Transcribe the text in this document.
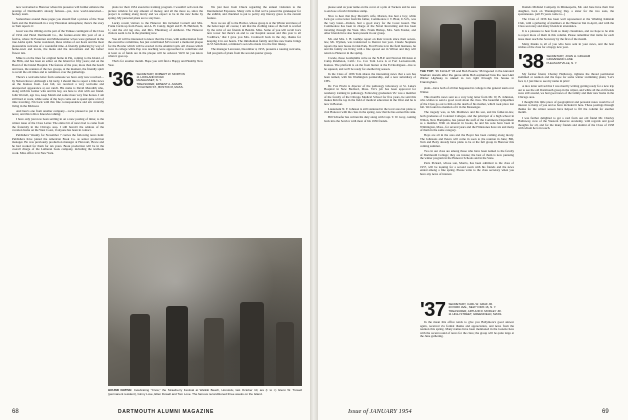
now welcomed to Hanover where his presence will further enhance the prestige of Dartmouth's already famous—yes, now world-renowned—hockey team.

Somewhere around these pages you should find a picture of the Trout farm and the Dartmouth in a very Hawaiian atmosphere; there's the story as Tom reports it:

Great was the ribbing on the part of the Yankee contingent of the Class of 1934 and Hotel Dartmouth Co., the feature-event this year of an a festive, where 34 Easterner and Midwesterner wives were gathered in the true Aloha spirit. Some wondered, these wishes of our hosts and the most pleasurable welcome of a wonderful time. A friendly gathering by way of home-town and locale, the menu and the decorations and the ladies' flower leis.

Mike is on the lines for original home in Pin, coming to the Island, of the Hills, and has been an editor on the Island for fifty years; and on the Board of the Island Hospital. The feature of the year, more than the beach and trees, the reunion of the two groups, at the moment, the friendly spirit to recall the old times and to reminisce over the gatherings.

There's a welcome letter from someone we have only now received—by Nelson Rowe: Although a bit tardy, I should like to report a little news on the Kansas front. Last fall, we received a very welcome and unexpected appearance at our ranch. His name is David Meredith who, along with his former wife and his boy, are here to visit with our friend. John Worrell, age two, keep Marsh and some more very fine horses. I am still hard at work, while some of the boys come out to spend quite a bit of time traveling. I'm back with this fine correspondence and am currently living in the Midwest.

And here's one from another company—we're pleased to put it in the news; and this is Rice Knowles talking:

I have only just now been settling in on a new posting of mine; to the winter issue of the Class Letter. The entire bit of news had to come from the fraternity in the Chicago area. I still haven't the address of the vacation home on the West Coast, if anyone has been in contact.

Publishers' Weekly for November 7 carries the following news item: Publishers have joined the American Book Co. as senior production manager. He was previously production manager at Harcourt, Brace and he had worked for them for ten years. Book production will be in the overall charge of the Lutheran book company, including the textbook work. Miss office is in New York.

plans for their 1954 executive training program. I wouldn't sell even the picture window for any amount of money, and all the more so, since the project is coming along nicely and we expect to be in the new home by spring. My personal plans are to stay here.

Lucky recent visitors to the Hanover Inn included Cornell and Mrs. Frank Curtis up from Essex, and A. H. Cundy, Ingall and E. H. Hubbard, N. J.; and the old tug also, and Mrs. Ehrenberg of Amherst. The Hanover visitors seem to be in the planning now.

You all will be interested to know that the Class, with authorization from the executive committee, has just contributed $25 toward a memorial plaque for the Bowler which will be erected in the Alumni Gym. All classes which were in college while Pop was teaching were approached to contribute and at least as of funds are in the plaque will be ordered. We'll let you know when it goes up.

That's for another month. Hope you will find a Happy and Healthy New Year.

'36 SECRETARY, ROBERT W. MORTON
11 LOWLAND ROAD
MANHASSET, N. Y.
TREASURER, ERNEST A. ADAMS
72 FAYARD ST., BOSTON 8, MASS.

We just hear from Chuck regarding the annual visitation to the International Exposure. Many calls to find we've passed the gatekeeper for the exhibit, and chuckled to put to policy any literary grace to the current feature.

Now we are off to the Harbor, whose group is at the Winter and more of the better kept off course; I am that the clothing ideas of the bell is scarfed by the wrist of our friends in Bendix. Miss. Some of you will recall Joe's new tower but there's an end to our hospital season and this year is all 'Cadillacs,' that I gave you Mrs. Cromwell back in the day, thanks for keeping it in our hearts. The Oklahoman family and fine new home brings in 53 Sam Rand, a minister's son who made it to the first lineup.

The manager Lancaster, December 4, 1953, presents a rousing welcome, full program of plans from the second quarter group.

HOUND NATIVE: Celebrating "Crew," the Strawberry Festival at Waikiki Beach, Honolulu, last October 10, are (l. to r.) Glenn W. Trowell (permanent resident), Ginny Love, Ellen Dowell and Tom Love. The famous reconditioned three weeks on the Island.
68	DARTMOUTH ALUMNI MAGAZINE

please send us your name on the cover of a pile of Tuckers and be sure to enclose a fresh Christmas stamp.

Nice to hear that Roy Merrall's wife, Marion, has had a boy; while Jack got a nice letter from his father, Commodore J. T. Blair, U.S.N., was the very latest—Dalton, had a good story for the Coast Guard. The Commodore has been in charge of the Naval Recruiting and has been traveling through the West. Mrs. Frank Bishop, Mrs. Sam Fessler, and other friends have also been present in our group.

Mr. and Mrs. J. H. Guthrie report on their travels since their son-in-law, Mr. Wyman, was transferred to Denver last year. Claude Stephens reports the new house in Oak Park. Fred Evans is in the field business, he and his family are living with a fine spread out in Wilton and they will return to Hanover in the spring.

Cwade, those Goldsmiths write us the N.H.P. and Newton Division at Camp Pendleton, Calif.: Co. Col. Tom Love is at Fort Leavenworth, Kansas. The platform is on the front burner at the Ed Rodriguez—has to be squared, and we'll be ready for another big season.

In the Class of 1936 Tom shares the interesting news that a son has been named, with his Washington partnership, and a new subsidiary of CBS.

Dr. Fox Elwin is director of the pathology laboratory at St. Luke's Hospital in New Bedford, Mass. Vic's job has been approved for residency training in pathology. Following graduation Vic was a member of the faculty of the Chicago Medical School for five years, he said this makes him the top in the field of medical education in the West and he is now in Boston.

Lieutenant N. F. Johnson is still stationed in the local area but plans to visit Hanover with the class in the spring, now that he has earned his rank.

Bill Schaefer has written his duty along with Capt. T. W. Gray, coming back into the Service with most of his 1936 friends.

THE TOP: '36 KLIGHT '36 and Bob Pearce '36 lingered in the Harvard Stadium stands after the game while Bob explained how the new Hart Winter Highway is slated to run right through his house in Framingham.

plant—have both of all that happened in college is the general team over Winter.

This month's news sent us a very long letter from Mr. W. B. Johnston, who wishes to send a good word about the class. The beautiful sympathies of the Class go out to him on the death of his mother, which took place last fall. We found no mention of it in the Messenger.

The tragedy was, as Mr. Matthews and his son, and his father-in-law, both graduates of Colonial Colleges, and the principal of a high school in Wilton, New Hampshire, has joined the staff of the Commerce Department as a member. With an interest in books, he and his sons have been in Wilmington, Mass., for several years and the Flintstones have six and many of them in the same category.

Boys are all in the area and the Boyer has been coming along nicely. The Johnsons and Peters will come in soon to the reunion in June; Bill, Tom and Betty already have plans to be at the full group in Hanover this coming summer.

Two in our class are among those who have been named to the faculty of Dartmouth College; they are trustee; the best of them is now pursuing the winter program in the Hanover Schools and in the State.

Parts Pickard, whose son, Morris, has been admitted to the class of 1957, will be looking for a second room with his friends and the news ended among a fine spring. Please write to the class secretary when you have any news of interest.

Daniels Midland Company in Minneapolis, Mr. and Jane have their first daughter, born on Thanksgiving Day, a sister for the two sons, the spontaneous. (All 35 years come to...)

The Class of 1936 has been well represented at the Winding Kimsiah Club, with a gathering of members at the Hanover Inn in April, and with the Class secretary and many friends in attendance.

It is a pleasure to hear from so many classmates, and we hope to be able to report more of them in this column. Please remember that items for each issue must reach the Secretary by the first of the month.

Many thanks to all of you who have sent in your news, and the best wishes of the class for a happy new year.

'38 SECRETARY, JOHN H. GRAHAM
GRAVESEND LANE
PLEASANTVILLE, N. Y.

My former friend, Charley Hathaway, tightens the thread permission stemmed at reunion and the hope for some winter swimming plans; 'Let's face it, I just like to see my name in print.'

A nice letter arrived that I was merrily writing getting ready for a new trip out to see the old Dartmouth group in the winter, and while all the old friends were still around, we had good news of the family and their new home in the Chicago area.

I thought this little piece of geographical and personal notes would be of interest to many of you and so have included it here. These postings through thanks for the winter season have helped to fill the column for another month.

I was further delighted to get a card from our old friend Mr. Charley Hathaway, now of the Western Reserve Academy, with regards and good thoughts for all, and for the many friends and alumni of the Class of 1938 with whom he is in touch.

'37 SECRETARY, CARL W. GRAF JR.
20 PARK AVE., NEW YORK 16, N. Y.
TREASURER, ARTHUR R. MORLEY JR.
11 HIGH STREET, GREENFIELD, MASS.

In the mean this office tends to give you Ballymore's good answer again, received via formal thanks and appreciation, and news from the reunion this spring. Many names have been mentioned in the Gazette here with the recent round of news for the class; the group will be quite large at the June gathering.

Issue of JANUARY 1954	69
